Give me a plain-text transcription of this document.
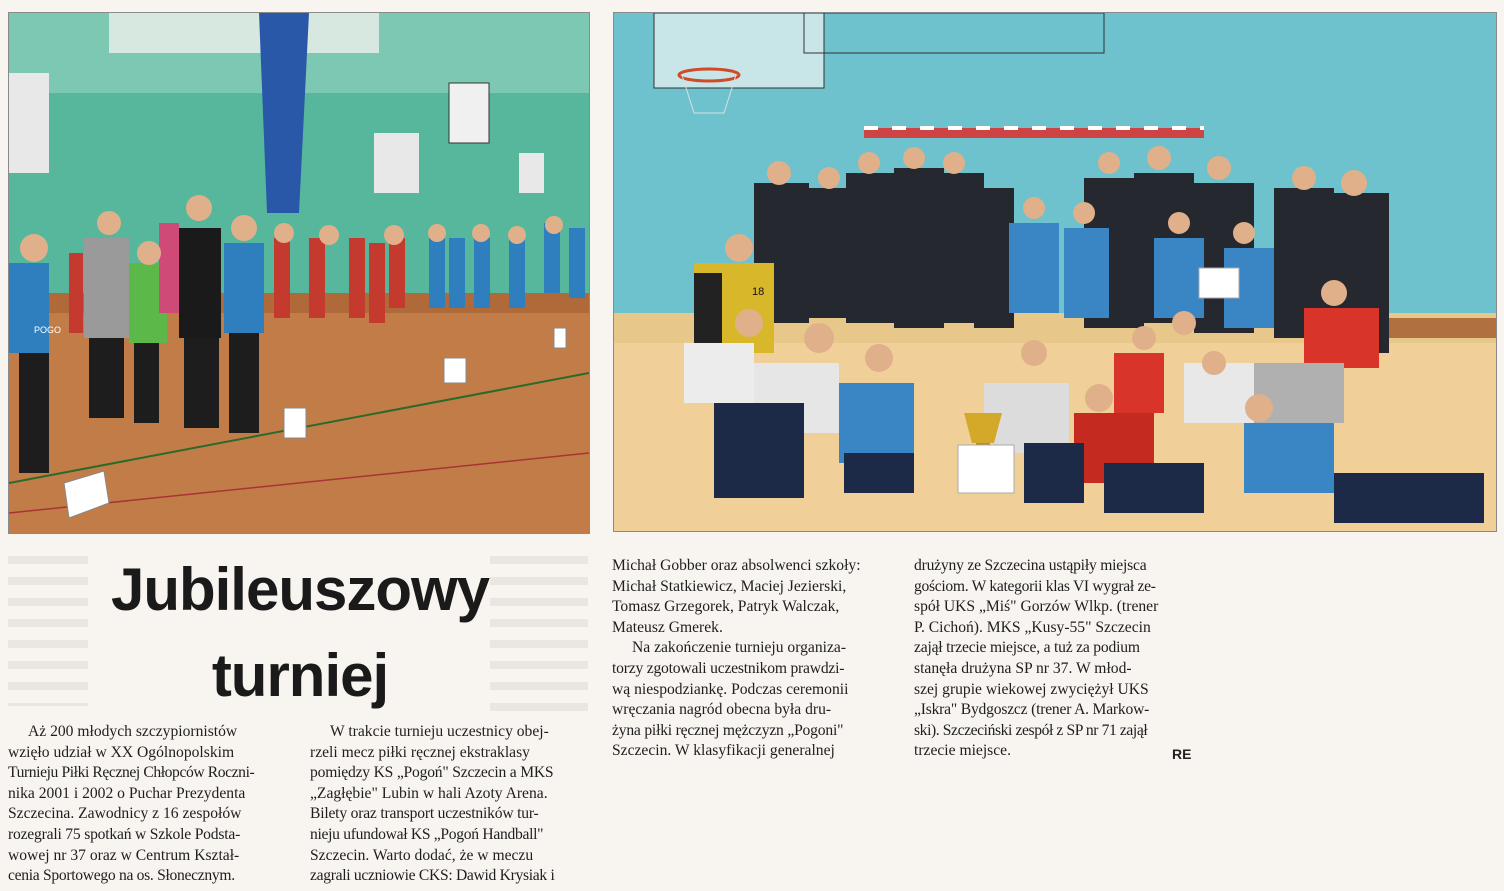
POGO
18
Jubileuszowy
turniej
Aż 200 młodych szczypiornistów
wzięło udział w XX Ogólnopolskim
Turnieju Piłki Ręcznej Chłopców Roczni-
nika 2001 i 2002 o Puchar Prezydenta
Szczecina. Zawodnicy z 16 zespołów
rozegrali 75 spotkań w Szkole Podsta-
wowej nr 37 oraz w Centrum Kształ-
cenia Sportowego na os. Słonecznym.
W trakcie turnieju uczestnicy obej-
rzeli mecz piłki ręcznej ekstraklasy
pomiędzy KS „Pogoń" Szczecin a MKS
„Zagłębie" Lubin w hali Azoty Arena.
Bilety oraz transport uczestników tur-
nieju ufundował KS „Pogoń Handball"
Szczecin. Warto dodać, że w meczu
zagrali uczniowie CKS: Dawid Krysiak i
Michał Gobber oraz absolwenci szkoły:
Michał Statkiewicz, Maciej Jezierski,
Tomasz Grzegorek, Patryk Walczak,
Mateusz Gmerek.
Na zakończenie turnieju organiza-
torzy zgotowali uczestnikom prawdzi-
wą niespodziankę. Podczas ceremonii
wręczania nagród obecna była dru-
żyna piłki ręcznej mężczyzn „Pogoni"
Szczecin. W klasyfikacji generalnej
drużyny ze Szczecina ustąpiły miejsca
gościom. W kategorii klas VI wygrał ze-
spół UKS „Miś" Gorzów Wlkp. (trener
P. Cichoń). MKS „Kusy-55" Szczecin
zajął trzecie miejsce, a tuż za podium
stanęła drużyna SP nr 37. W młod-
szej grupie wiekowej zwyciężył UKS
„Iskra" Bydgoszcz (trener A. Markow-
ski). Szczeciński zespół z SP nr 71 zajął
trzecie miejsce.	RE
